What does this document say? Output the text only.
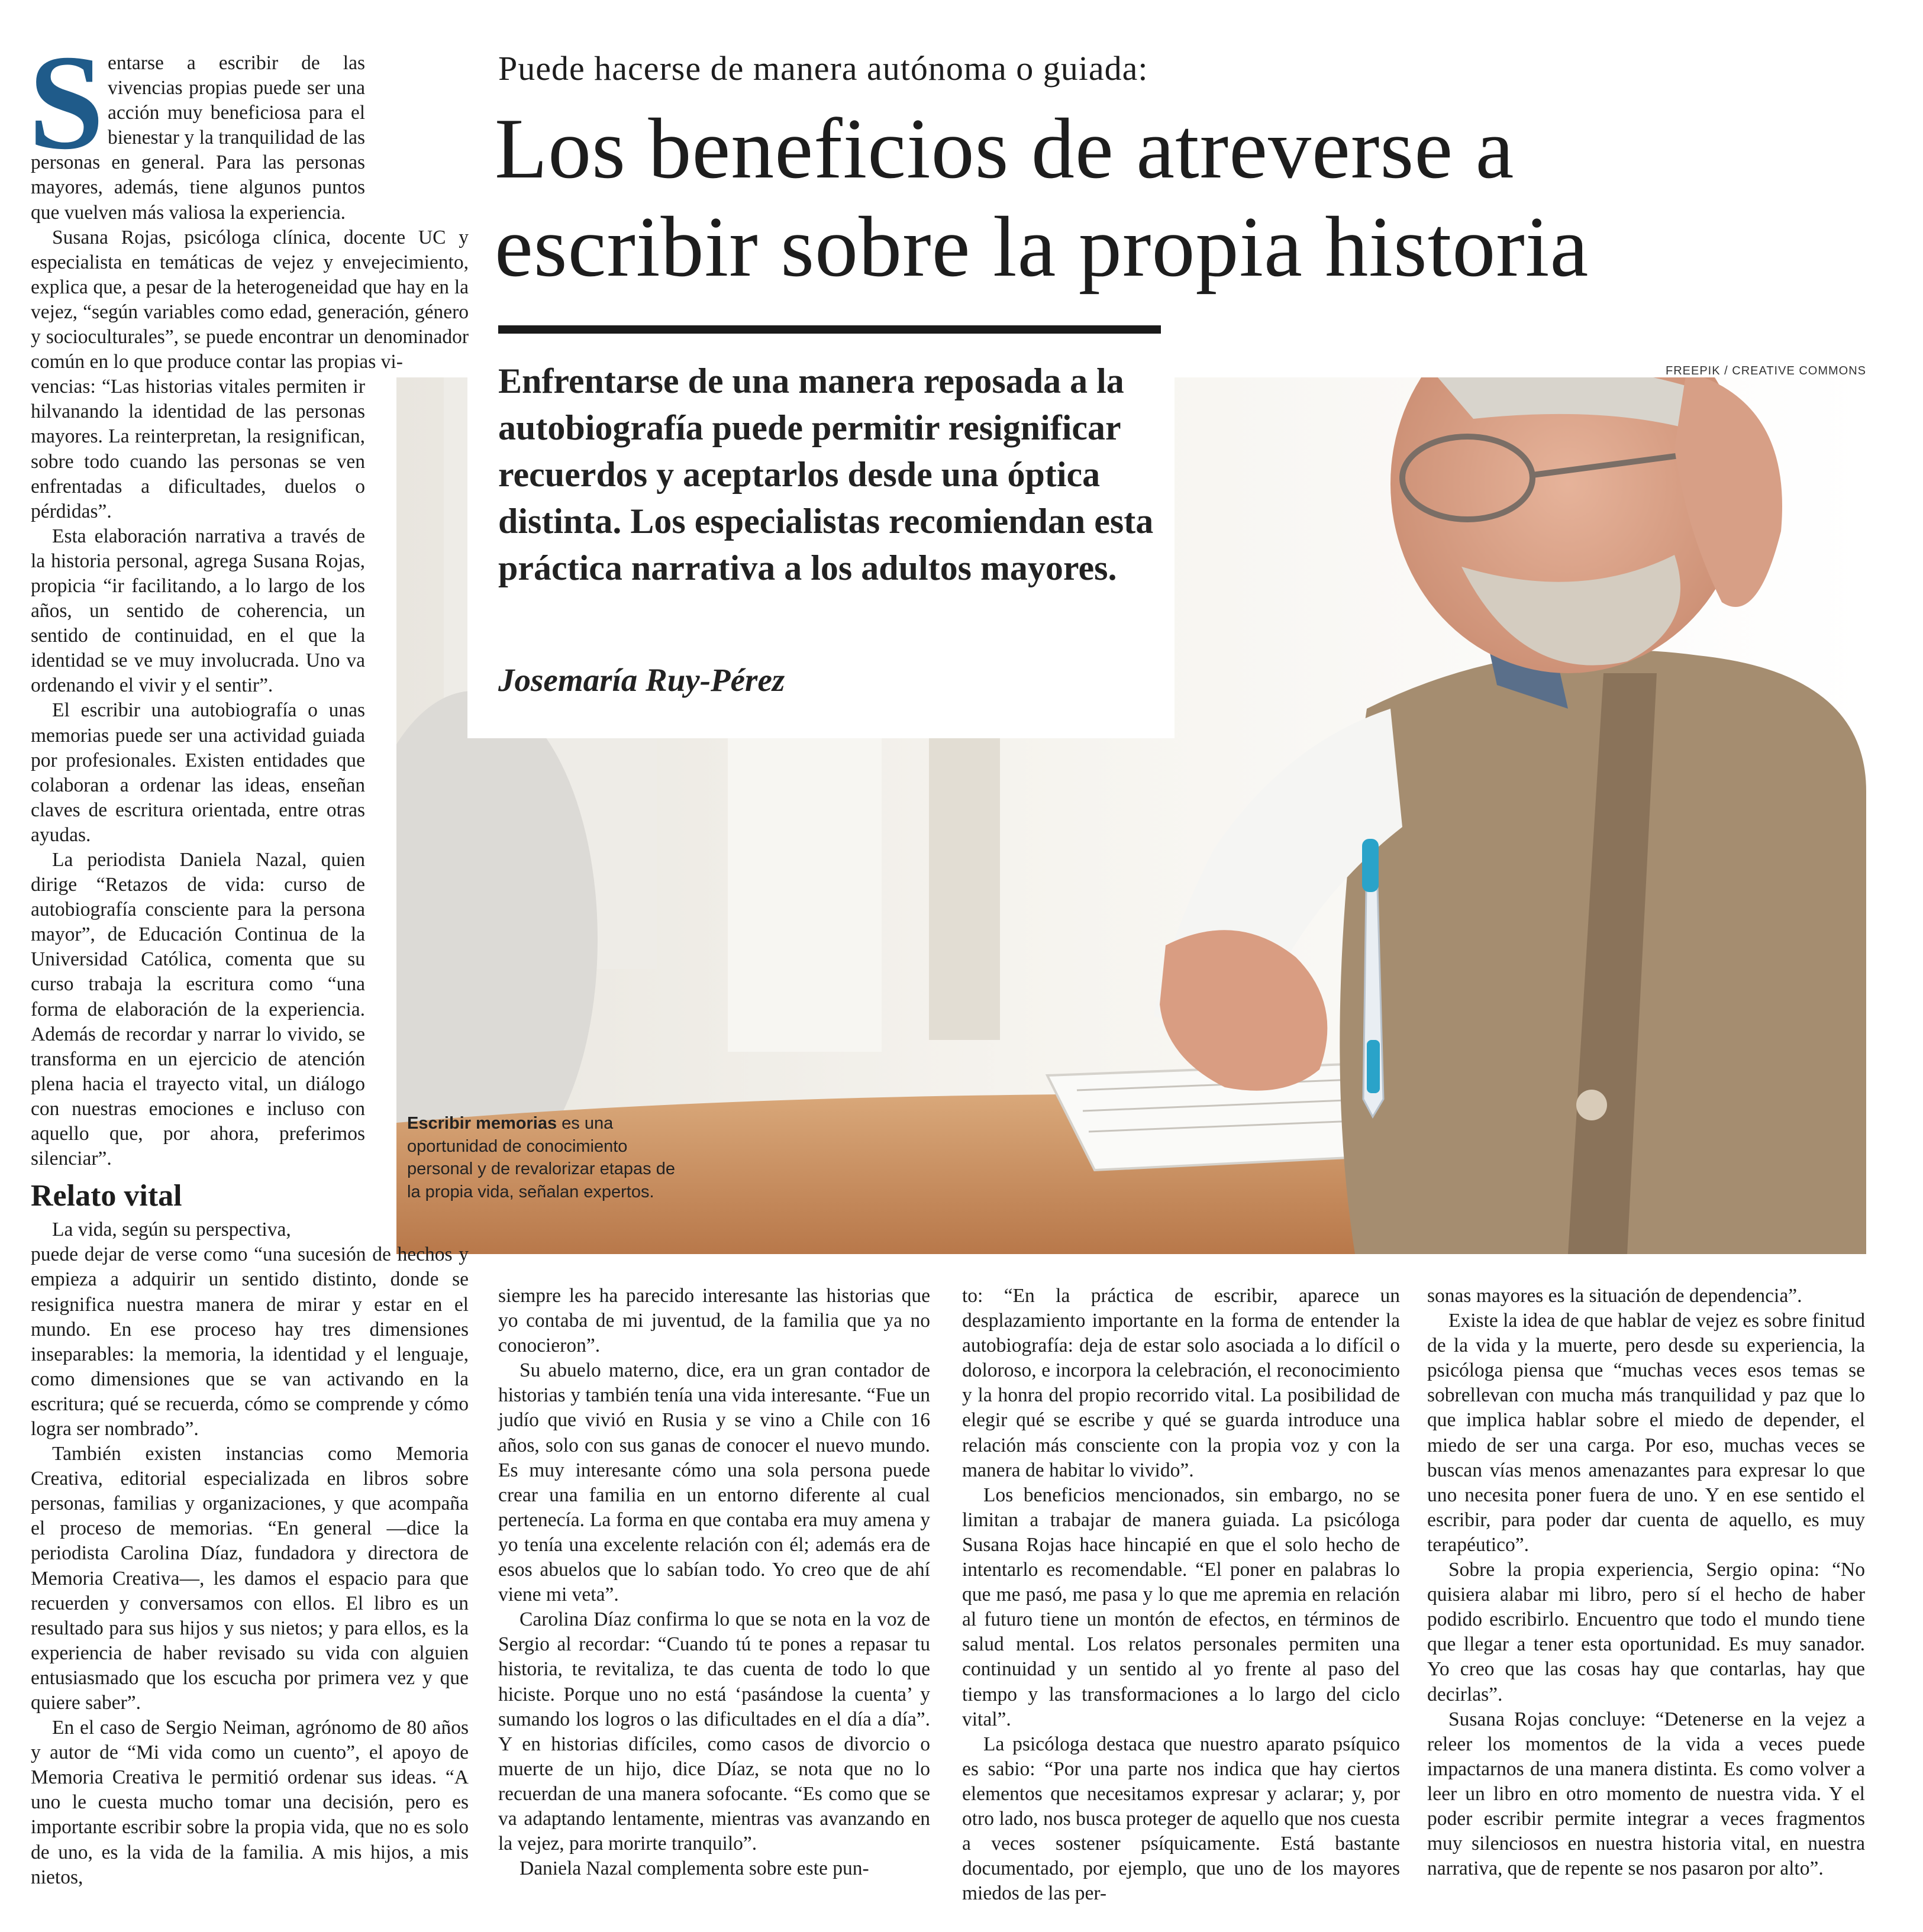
Puede hacerse de manera autónoma o guiada:
Los beneficios de atreverse a
escribir sobre la propia historia
FREEPIK / CREATIVE COMMONS
Escribir memorias es una oportunidad de conocimiento personal y de revalorizar etapas de la propia vida, señalan expertos.
Enfrentarse de una manera reposada a la autobiografía puede permitir resignificar recuerdos y aceptarlos desde una óptica distinta. Los especialistas recomiendan esta práctica narrativa a los adultos mayores.
Josemaría Ruy-Pérez

S entarse a escribir de las vivencias propias puede ser una acción muy beneficiosa para el bienestar y la tranquilidad de las personas en general. Para las personas mayores, además, tiene algunos puntos que vuelven más valiosa la experiencia.

Susana Rojas, psicóloga clínica, docente UC y especialista en temáticas de vejez y envejecimiento, explica que, a pesar de la heterogeneidad que hay en la vejez, “según variables como edad, generación, género y socioculturales”, se puede encontrar un denominador común en lo que produce contar las propias vi-

vencias: “Las historias vitales permiten ir hilvanando la identidad de las personas mayores. La reinterpretan, la resignifican, sobre todo cuando las personas se ven enfrentadas a dificultades, duelos o pérdidas”.

Esta elaboración narrativa a través de la historia personal, agrega Susana Rojas, propicia “ir facilitando, a lo largo de los años, un sentido de coherencia, un sentido de continuidad, en el que la identidad se ve muy involucrada. Uno va ordenando el vivir y el sentir”.

El escribir una autobiografía o unas memorias puede ser una actividad guiada por profesionales. Existen entidades que colaboran a ordenar las ideas, enseñan claves de escritura orientada, entre otras ayudas.

La periodista Daniela Nazal, quien dirige “Retazos de vida: curso de autobiografía consciente para la persona mayor”, de Educación Continua de la Universidad Católica, comenta que su curso trabaja la escritura como “una forma de elaboración de la experiencia. Además de recordar y narrar lo vivido, se transforma en un ejercicio de atención plena hacia el trayecto vital, un diálogo con nuestras emociones e incluso con aquello que, por ahora, preferimos silenciar”.

Relato vital

La vida, según su perspectiva,

puede dejar de verse como “una sucesión de hechos y empieza a adquirir un sentido distinto, donde se resignifica nuestra manera de mirar y estar en el mundo. En ese proceso hay tres dimensiones inseparables: la memoria, la identidad y el lenguaje, como dimensiones que se van activando en la escritura; qué se recuerda, cómo se comprende y cómo logra ser nombrado”.

También existen instancias como Memoria Creativa, editorial especializada en libros sobre personas, familias y organizaciones, y que acompaña el proceso de memorias. “En general —dice la periodista Carolina Díaz, fundadora y directora de Memoria Creativa—, les damos el espacio para que recuerden y conversamos con ellos. El libro es un resultado para sus hijos y sus nietos; y para ellos, es la experiencia de haber revisado su vida con alguien entusiasmado que los escucha por primera vez y que quiere saber”.

En el caso de Sergio Neiman, agrónomo de 80 años y autor de “Mi vida como un cuento”, el apoyo de Memoria Creativa le permitió ordenar sus ideas. “A uno le cuesta mucho tomar una decisión, pero es importante escribir sobre la propia vida, que no es solo de uno, es la vida de la familia. A mis hijos, a mis nietos,

siempre les ha parecido interesante las historias que yo contaba de mi juventud, de la familia que ya no conocieron”.

Su abuelo materno, dice, era un gran contador de historias y también tenía una vida interesante. “Fue un judío que vivió en Rusia y se vino a Chile con 16 años, solo con sus ganas de conocer el nuevo mundo. Es muy interesante cómo una sola persona puede crear una familia en un entorno diferente al cual pertenecía. La forma en que contaba era muy amena y yo tenía una excelente relación con él; además era de esos abuelos que lo sabían todo. Yo creo que de ahí viene mi veta”.

Carolina Díaz confirma lo que se nota en la voz de Sergio al recordar: “Cuando tú te pones a repasar tu historia, te revitaliza, te das cuenta de todo lo que hiciste. Porque uno no está ‘pasándose la cuenta’ y sumando los logros o las dificultades en el día a día”. Y en historias difíciles, como casos de divorcio o muerte de un hijo, dice Díaz, se nota que no lo recuerdan de una manera sofocante. “Es como que se va adaptando lentamente, mientras vas avanzando en la vejez, para morirte tranquilo”.

Daniela Nazal complementa sobre este pun-

to: “En la práctica de escribir, aparece un desplazamiento importante en la forma de entender la autobiografía: deja de estar solo asociada a lo difícil o doloroso, e incorpora la celebración, el reconocimiento y la honra del propio recorrido vital. La posibilidad de elegir qué se escribe y qué se guarda introduce una relación más consciente con la propia voz y con la manera de habitar lo vivido”.

Los beneficios mencionados, sin embargo, no se limitan a trabajar de manera guiada. La psicóloga Susana Rojas hace hincapié en que el solo hecho de intentarlo es recomendable. “El poner en palabras lo que me pasó, me pasa y lo que me apremia en relación al futuro tiene un montón de efectos, en términos de salud mental. Los relatos personales permiten una continuidad y un sentido al yo frente al paso del tiempo y las transformaciones a lo largo del ciclo vital”.

La psicóloga destaca que nuestro aparato psíquico es sabio: “Por una parte nos indica que hay ciertos elementos que necesitamos expresar y aclarar; y, por otro lado, nos busca proteger de aquello que nos cuesta a veces sostener psíquicamente. Está bastante documentado, por ejemplo, que uno de los mayores miedos de las per-

sonas mayores es la situación de dependencia”.

Existe la idea de que hablar de vejez es sobre finitud de la vida y la muerte, pero desde su experiencia, la psicóloga piensa que “muchas veces esos temas se sobrellevan con mucha más tranquilidad y paz que lo que implica hablar sobre el miedo de depender, el miedo de ser una carga. Por eso, muchas veces se buscan vías menos amenazantes para expresar lo que uno necesita poner fuera de uno. Y en ese sentido el escribir, para poder dar cuenta de aquello, es muy terapéutico”.

Sobre la propia experiencia, Sergio opina: “No quisiera alabar mi libro, pero sí el hecho de haber podido escribirlo. Encuentro que todo el mundo tiene que llegar a tener esta oportunidad. Es muy sanador. Yo creo que las cosas hay que contarlas, hay que decirlas”.

Susana Rojas concluye: “Detenerse en la vejez a releer los momentos de la vida a veces puede impactarnos de una manera distinta. Es como volver a leer un libro en otro momento de nuestra vida. Y el poder escribir permite integrar a veces fragmentos muy silenciosos en nuestra historia vital, en nuestra narrativa, que de repente se nos pasaron por alto”.
